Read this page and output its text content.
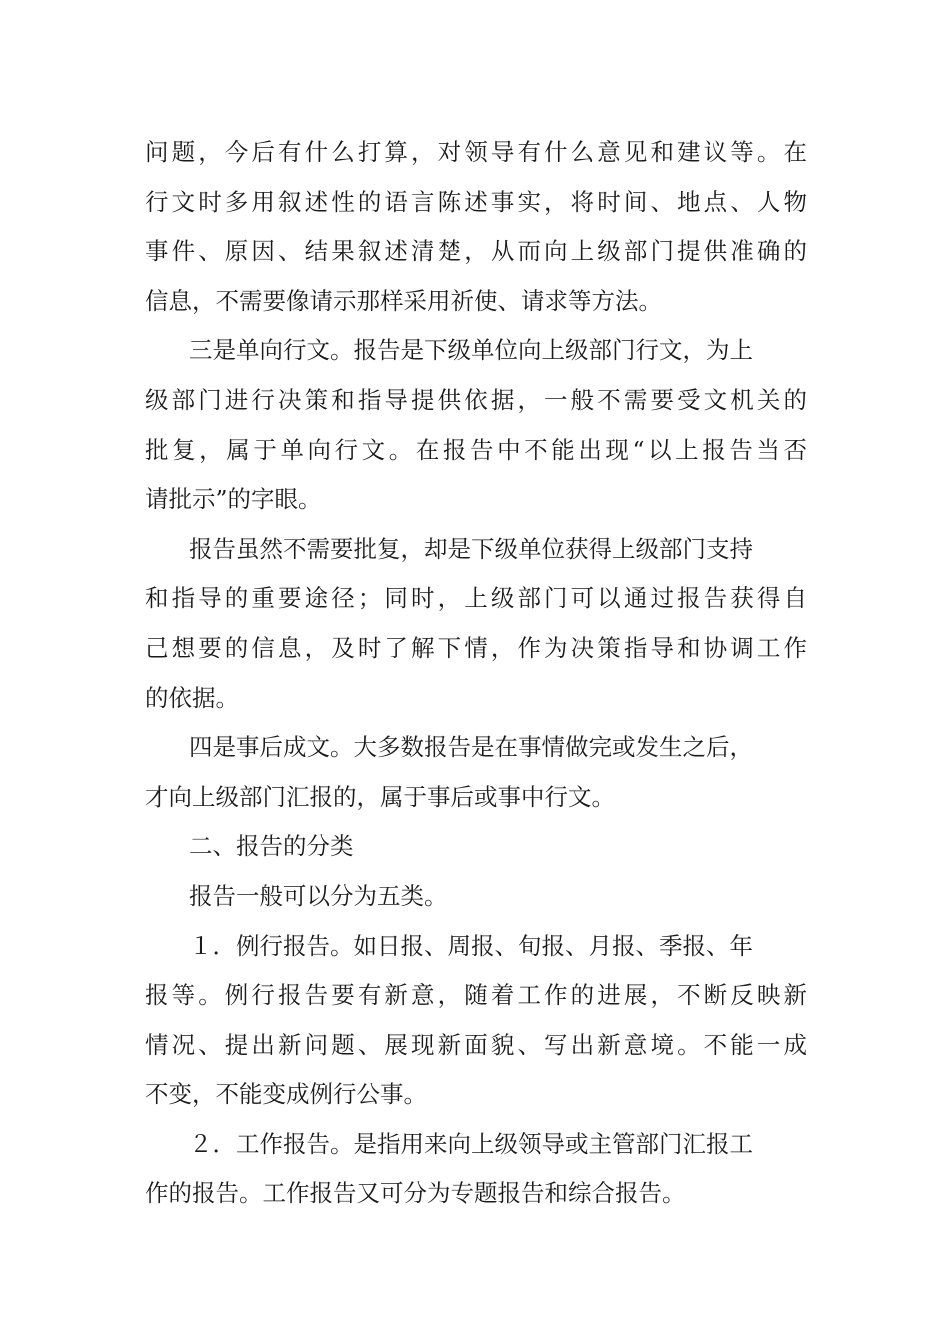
问题，今后有什么打算，对领导有什么意见和建议等。在
行文时多用叙述性的语言陈述事实，将时间、地点、人物
事件、原因、结果叙述清楚，从而向上级部门提供准确的
信息，不需要像请示那样采用祈使、请求等方法。
三是单向行文。报告是下级单位向上级部门行文，为上
级部门进行决策和指导提供依据，一般不需要受文机关的
批复，属于单向行文。在报告中不能出现“以上报告当否
请批示”的字眼。
报告虽然不需要批复，却是下级单位获得上级部门支持
和指导的重要途径；同时，上级部门可以通过报告获得自
己想要的信息，及时了解下情，作为决策指导和协调工作
的依据。
四是事后成文。大多数报告是在事情做完或发生之后，
才向上级部门汇报的，属于事后或事中行文。
二、报告的分类
报告一般可以分为五类。
１．例行报告。如日报、周报、旬报、月报、季报、年
报等。例行报告要有新意，随着工作的进展，不断反映新
情况、提出新问题、展现新面貌、写出新意境。不能一成
不变，不能变成例行公事。
２．工作报告。是指用来向上级领导或主管部门汇报工
作的报告。工作报告又可分为专题报告和综合报告。
